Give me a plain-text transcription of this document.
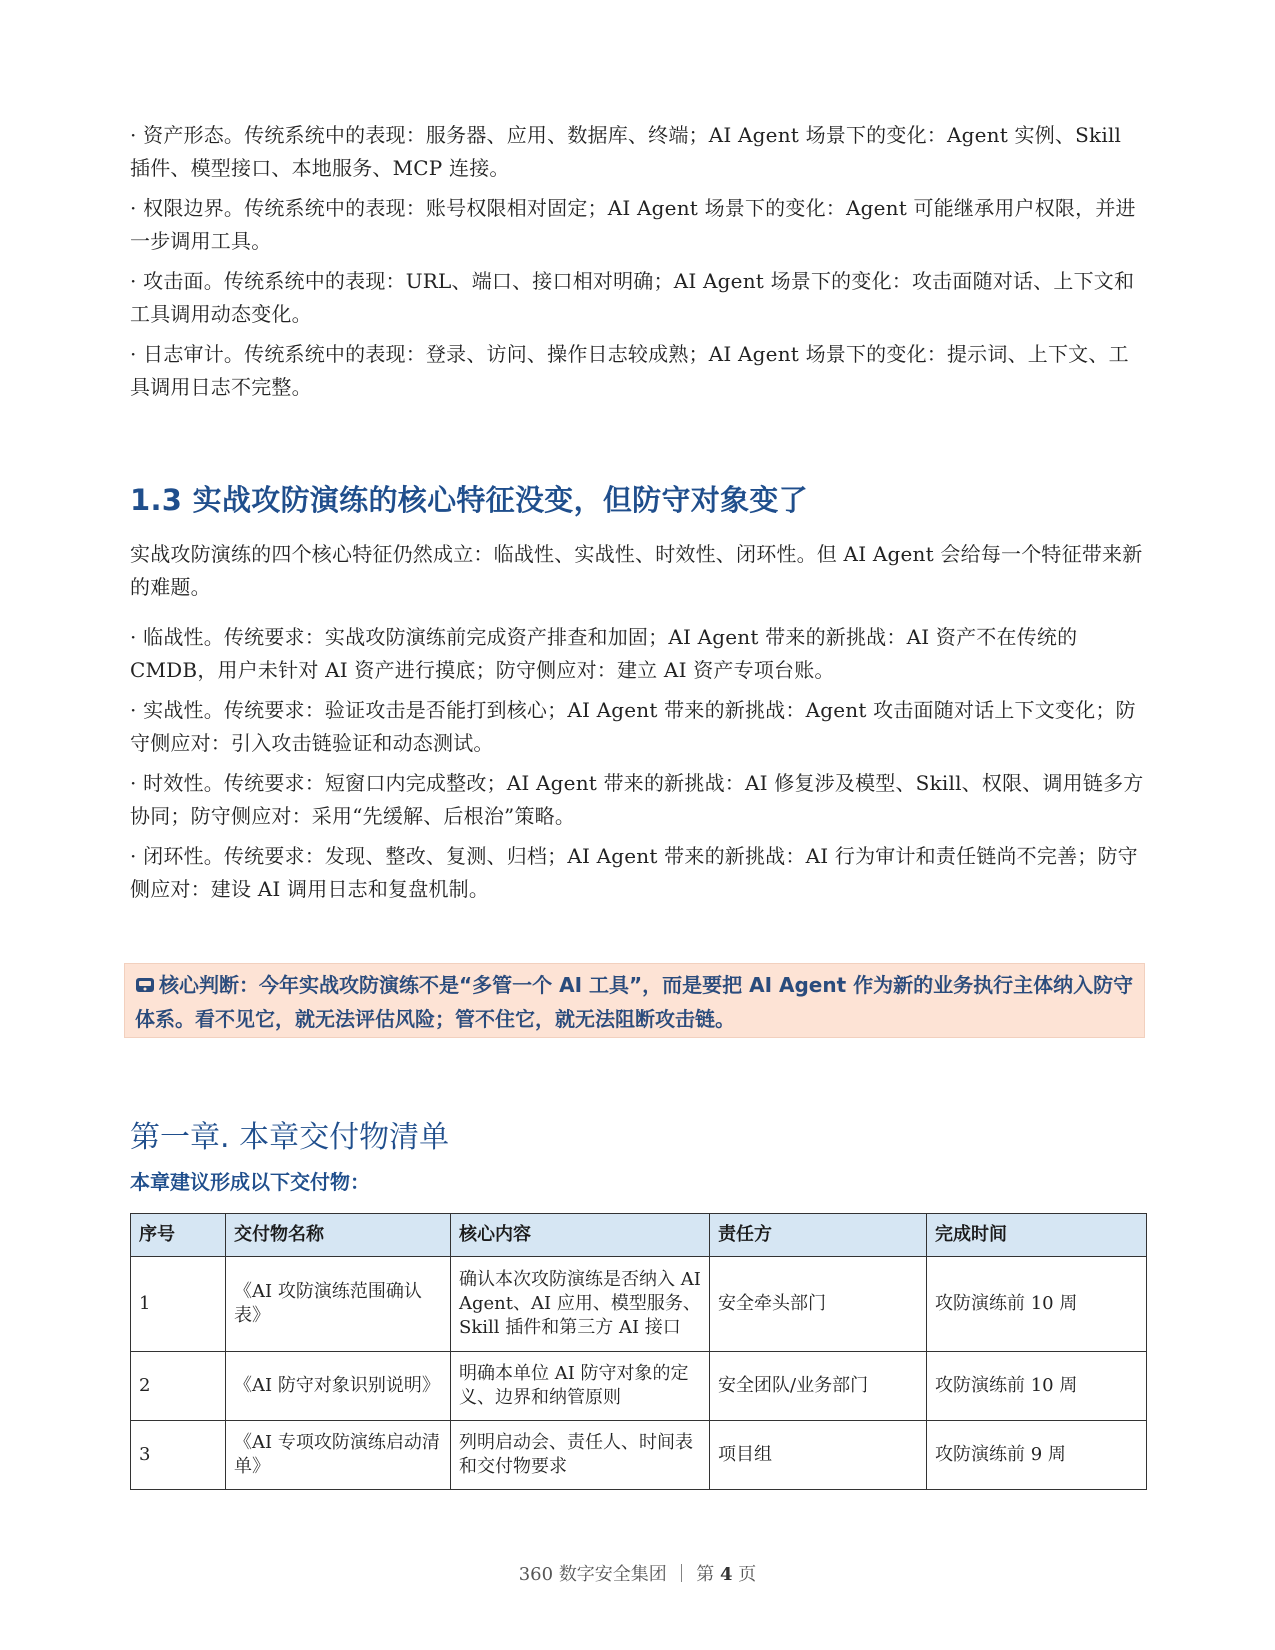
· 资产形态。传统系统中的表现：服务器、应用、数据库、终端；AI Agent 场景下的变化：Agent 实例、Skill 插件、模型接口、本地服务、MCP 连接。

· 权限边界。传统系统中的表现：账号权限相对固定；AI Agent 场景下的变化：Agent 可能继承用户权限，并进一步调用工具。

· 攻击面。传统系统中的表现：URL、端口、接口相对明确；AI Agent 场景下的变化：攻击面随对话、上下文和工具调用动态变化。

· 日志审计。传统系统中的表现：登录、访问、操作日志较成熟；AI Agent 场景下的变化：提示词、上下文、工具调用日志不完整。

1.3 实战攻防演练的核心特征没变，但防守对象变了

实战攻防演练的四个核心特征仍然成立：临战性、实战性、时效性、闭环性。但 AI Agent 会给每一个特征带来新的难题。

· 临战性。传统要求：实战攻防演练前完成资产排查和加固；AI Agent 带来的新挑战：AI 资产不在传统的 CMDB，用户未针对 AI 资产进行摸底；防守侧应对：建立 AI 资产专项台账。

· 实战性。传统要求：验证攻击是否能打到核心；AI Agent 带来的新挑战：Agent 攻击面随对话上下文变化；防守侧应对：引入攻击链验证和动态测试。

· 时效性。传统要求：短窗口内完成整改；AI Agent 带来的新挑战：AI 修复涉及模型、Skill、权限、调用链多方协同；防守侧应对：采用“先缓解、后根治”策略。

· 闭环性。传统要求：发现、整改、复测、归档；AI Agent 带来的新挑战：AI 行为审计和责任链尚不完善；防守侧应对：建设 AI 调用日志和复盘机制。

核心判断：今年实战攻防演练不是“多管一个 AI 工具”，而是要把 AI Agent 作为新的业务执行主体纳入防守体系。看不见它，就无法评估风险；管不住它，就无法阻断攻击链。

第一章. 本章交付物清单

本章建议形成以下交付物：

序号	交付物名称	核心内容	责任方	完成时间
1	《AI 攻防演练范围确认表》	确认本次攻防演练是否纳入 AI Agent、AI 应用、模型服务、Skill 插件和第三方 AI 接口	安全牵头部门	攻防演练前 10 周
2	《AI 防守对象识别说明》	明确本单位 AI 防守对象的定义、边界和纳管原则	安全团队/业务部门	攻防演练前 10 周
3	《AI 专项攻防演练启动清单》	列明启动会、责任人、时间表和交付物要求	项目组	攻防演练前 9 周
360 数字安全集团 ｜ 第 4 页
